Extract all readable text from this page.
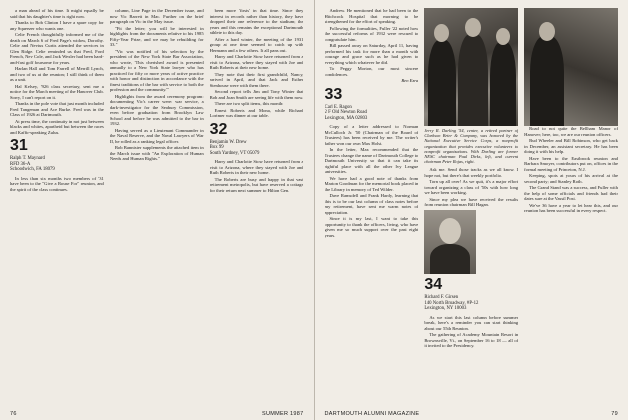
a man ahead of his time. It might equally be said that his daughter's time is right now.

Thanks to Bob Clinton I have a spare copy for any Squeezer who wants one.

Celie French thoughtfully informed me of the death on March 6 of Fred Page's widow, Dorothy. Celie and Nevius Curtis attended the services in Glen Ridge. Celie reminded us that Fred, Ford French, Nev Cole, and Jack Wexler had been hard-and-fast golf foursome for years.

Harlan Hall and Tom Farrell of Merrill Lynch, and two of us at the reunion; I still think of them as a unit.

Hal Kelsey, '926 class secretary, sent me a notice for the March meeting of the Hanover Club. Sorry, I can't report on it.

Thanks in the pole vote that just month included Fred Tangeman and Ace Burke. Fred was in the Class of 1926 at Dartmouth.

At press time, the continuity in not just between blacks and whites, apartheid but between the races and Kaffir-speaking Zulus.

31
Ralph T. Maynard
RFD 36-A
Schoodwich, FA 18079

In less than six months two members of '31 have been to the "Give a Rouse For" reunion, and the spirit of the class continues.

column, Line Page in the December issue, and now Vic Barrett in Mac. Further on the brief paragraph on Vic in the May issue.

"Fit the letter; you will be interested in highlights from the documents relative to his 1985 Fifty-Year Prize, and we may be rebuilding for 33."

"Vic was notified of his selection by the president of the New York State Bar Association, who wrote, 'This cherished award is presented annually to a New York State lawyer who has practiced for fifty or more years of active practice with honor and distinction in accordance with the finest traditions of the bar with service to both the profession and the community.'"

Highlights from the award ceremony program: documenting Vic's career were: war service, a dark-investigator for the Seabury Commission, even before graduation from Brooklyn Law School and before he was admitted to the bar in 1932.

Having served as a Lieutenant Commander in the Naval Reserve, and the Naval Lawyers of War II, he rolled as a ranking legal officer.

Bob Bannister supplements the attached item in the March issue with "An Exploration of Human Needs and Human Rights."

been more 'firsts' in that time. Since they interest in records rather than history, they have dropped their one reference to the stadium; the years and this remains the exceptional Dartmouth athlete to this day.

After a hard winter, the meeting of the 1931 group at one time seemed to catch up with Hermann and a few others. It all pans out.

Harry and Charlotte Stow have returned from a visit to Arizona, where they stayed with Joe and Ruth Roberts at their new home.

They note that their first grandchild, Nancy, arrived in April, and that Jack and Esther Stenhouse were with them there.

Second report tells Jim and Tony Winter that Bob and Joan Smith are seeing life with them now.

There are two split items, this month:

Ernest Roberts and Mona, while Richard Lorimer was dinner at our table.

32
Benjamin W. Drew
Box 99
South Yardney, VT 05079

Harry and Charlotte Stow have returned from a visit to Arizona, where they stayed with Joe and Ruth Roberts in their new home.

The Roberts are busy and happy in that vast retirement metropolis, but have reserved a cottage for their return next summer to Hilton Gen.

76	SUMMER 1987

Andrew. He mentioned that he had been to the Hitchcock Hospital that morning to be strengthened for the effort of speaking.

Following the formalities, Fuller '22 noted how the successful reforms of 1932 were rescued to congratulate him.

Bill passed away on Saturday, April 11, having performed his task for more than a month with courage and grace such as he had given to everything which whatever he did.

To Peggy Morton, our most sincere condolences.

Ben Ezra

33
Carl E. Ragon
2 F Old Newton Road
Lexington, MA 02803

Copy of a letter addressed to Norman McCulloch Jr. '50 (Chairman of the Board of Trustees) has been received by me. The writer's father won our own Max Holst.

In the letter, Max recommended that the Trustees change the name of Dartmouth College to Dartmouth University so that it can take its rightful place with all the other Ivy League universities.

We have had a good note of thanks from Marion Goodman for the memorial book placed in the Library in memory of Ted Wilder.

Dave Ramsdell and Frank Hardy, learning that this is to be our last column of class notes before my retirement, have sent me warm notes of appreciation.

Since it is my last, I want to take this opportunity to thank the officers, living, who have given me so much support over the past eight years.

Jerry R. Darling '54, center, a retired partner of Clarkson Brier & Company, was honored by the National Executive Service Corps, a nonprofit organization that provides executive volunteers to nonprofit organizations. With Darling are former NESC chairman Paul Dirks, left, and current chairman Peter Rojas, right.

Ask me. Send those tracks as we all know. I hope not, but there's that weekly portfolio.

Torn up all over! As we quit, it's a major effort toward organizing a class of '50s with how long we have been working.

Since my plea we have received the results from reunion chairman Bill Hagan.

34
Richard F. Girsen
140 North Broadway, #P-12
Lexington, NY 10003

As we start this last column before summer break, here's a reminder you can start thinking about our 55th Reunion.

The gathering of Academy Mountain Resort in Brownsville, Vt., on September 16 to 18 — all of it invited to the Presidency.

Road to not quite the Bellham Manor of Hanover; here, too, we are our reunion officers.

Bud Wheeler and Bill Robinson, who get back in December, an assistant secretary. He has been doing it with his help.

Have been to the Eastbrook reunion and Barbara Smoyer, contributors put on, offices in the formal meeting of Princeton, N.J.

Keeping, spots at yours of his arrival at the second party; and Stanley Roth.

The Grand Stand was a success, and Fuller with the help of some officials and friends had their dates sure at the Vassil Post.

We've 36 have a year to let hear this, and our reunion has been successful in every respect.

DARTMOUTH ALUMNI MAGAZINE	79
